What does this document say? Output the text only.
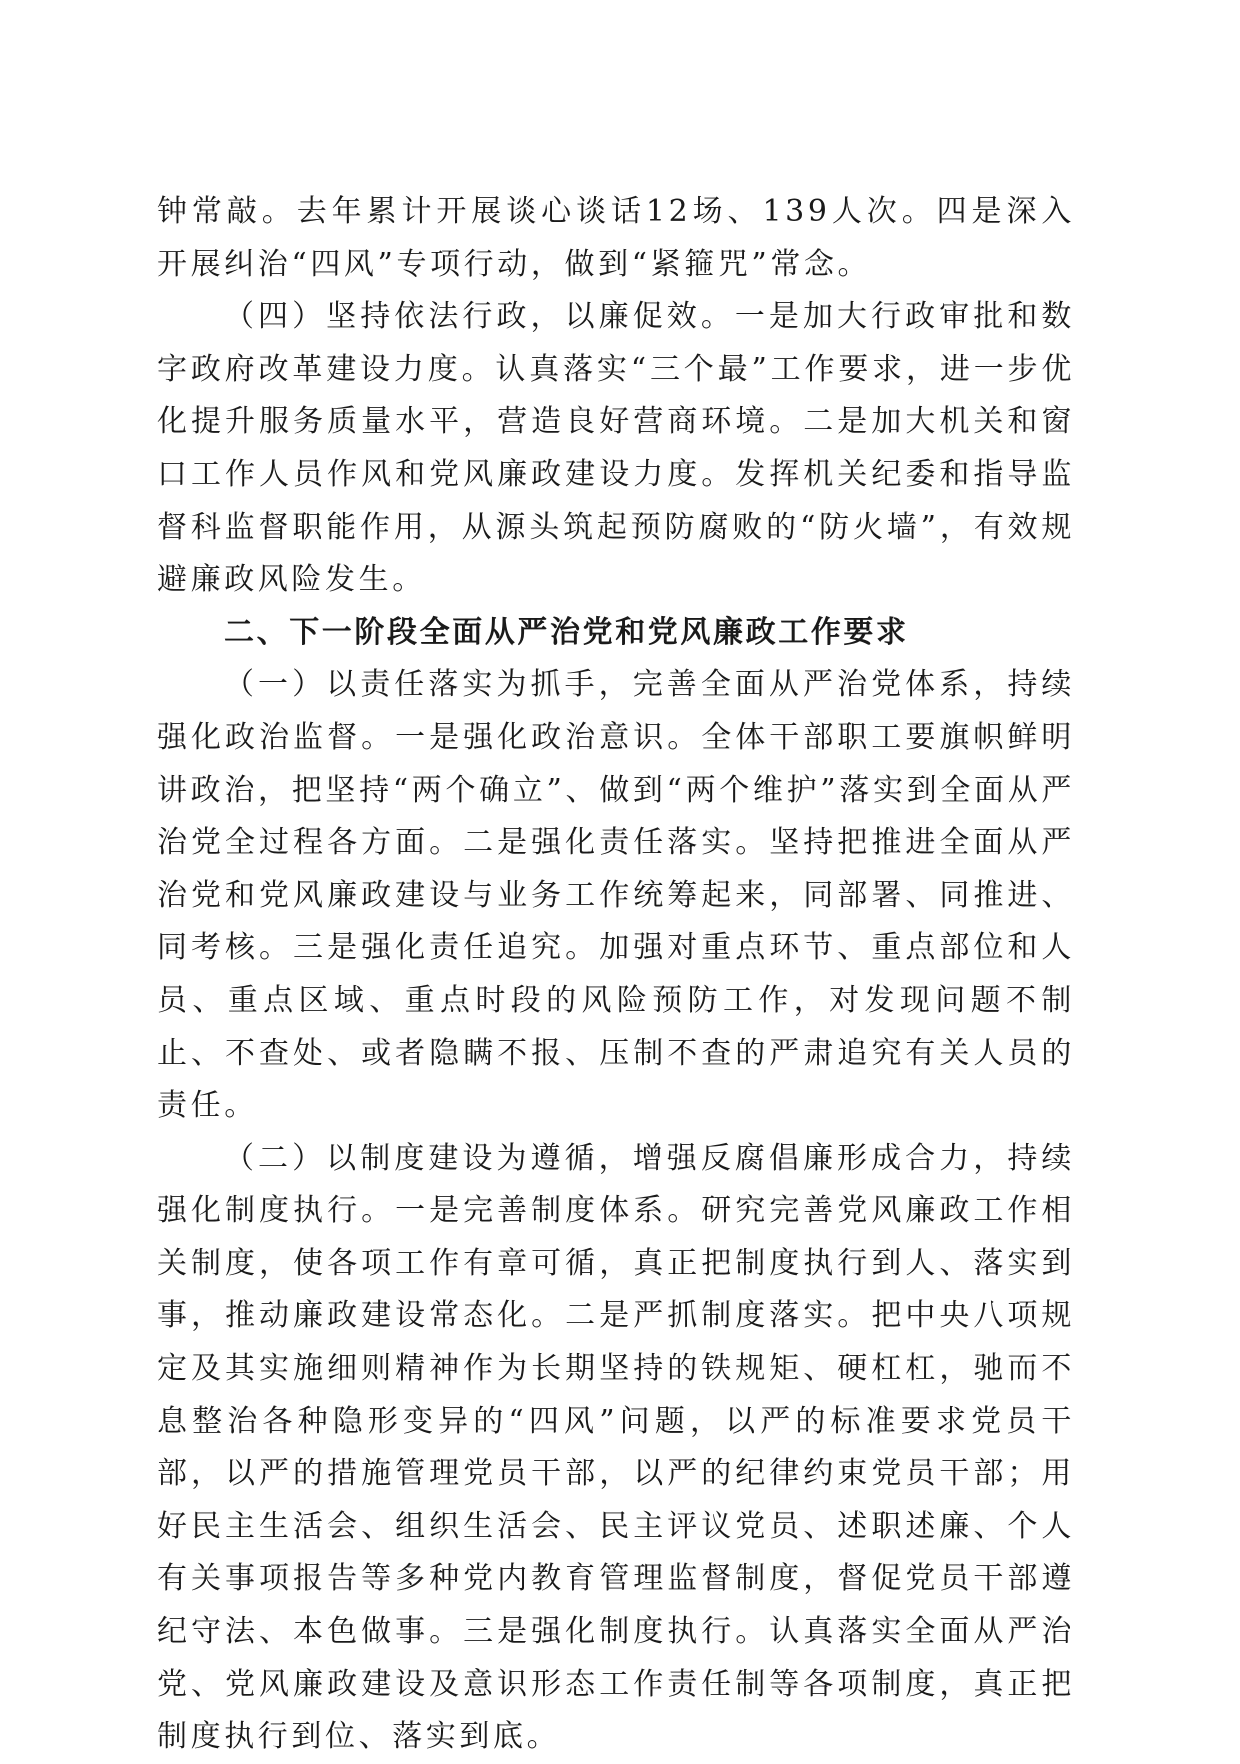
钟常敲。去年累计开展谈心谈话12场、139人次。四是深入开展纠治“四风”专项行动，做到“紧箍咒”常念。

（四）坚持依法行政，以廉促效。一是加大行政审批和数字政府改革建设力度。认真落实“三个最”工作要求，进一步优化提升服务质量水平，营造良好营商环境。二是加大机关和窗口工作人员作风和党风廉政建设力度。发挥机关纪委和指导监督科监督职能作用，从源头筑起预防腐败的“防火墙”，有效规避廉政风险发生。

二、下一阶段全面从严治党和党风廉政工作要求

（一）以责任落实为抓手，完善全面从严治党体系，持续强化政治监督。一是强化政治意识。全体干部职工要旗帜鲜明讲政治，把坚持“两个确立”、做到“两个维护”落实到全面从严治党全过程各方面。二是强化责任落实。坚持把推进全面从严治党和党风廉政建设与业务工作统筹起来，同部署、同推进、同考核。三是强化责任追究。加强对重点环节、重点部位和人员、重点区域、重点时段的风险预防工作，对发现问题不制止、不查处、或者隐瞒不报、压制不查的严肃追究有关人员的责任。

（二）以制度建设为遵循，增强反腐倡廉形成合力，持续强化制度执行。一是完善制度体系。研究完善党风廉政工作相关制度，使各项工作有章可循，真正把制度执行到人、落实到事，推动廉政建设常态化。二是严抓制度落实。把中央八项规定及其实施细则精神作为长期坚持的铁规矩、硬杠杠，驰而不息整治各种隐形变异的“四风”问题，以严的标准要求党员干部，以严的措施管理党员干部，以严的纪律约束党员干部；用好民主生活会、组织生活会、民主评议党员、述职述廉、个人有关事项报告等多种党内教育管理监督制度，督促党员干部遵纪守法、本色做事。三是强化制度执行。认真落实全面从严治党、党风廉政建设及意识形态工作责任制等各项制度，真正把制度执行到位、落实到底。
